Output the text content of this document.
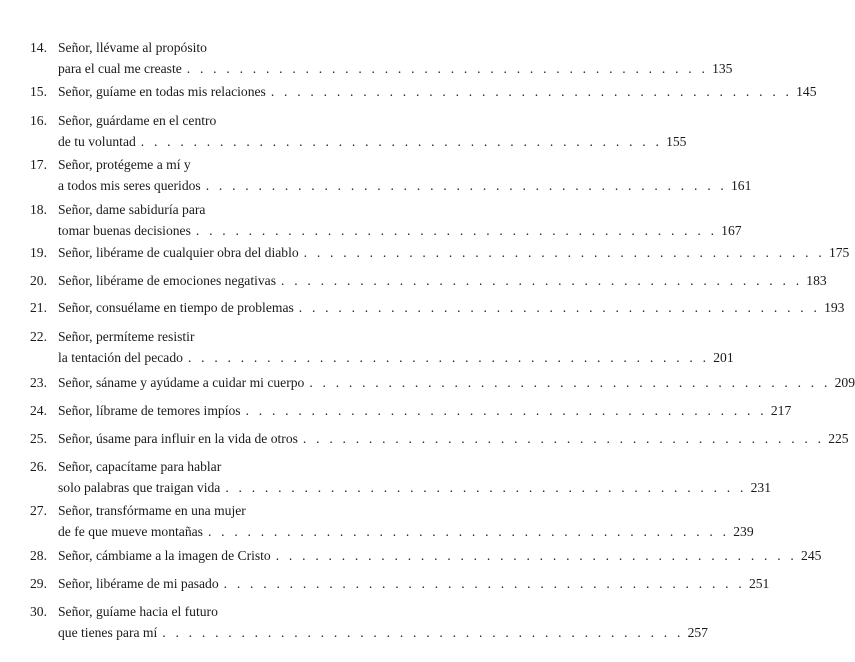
14. Señor, llévame al propósito
para el cual me creaste . . . . . . . . . . . . . . . . . . . . . . . . . . . . . . . . . . . . . . . . 135
15. Señor, guíame en todas mis relaciones . . . . . . . . . . . . . . . . . . . . . . . . . . . . . . . . . . . . . . . . 145
16. Señor, guárdame en el centro
de tu voluntad . . . . . . . . . . . . . . . . . . . . . . . . . . . . . . . . . . . . . . . . 155
17. Señor, protégeme a mí y
a todos mis seres queridos . . . . . . . . . . . . . . . . . . . . . . . . . . . . . . . . . . . . . . . . 161
18. Señor, dame sabiduría para
tomar buenas decisiones . . . . . . . . . . . . . . . . . . . . . . . . . . . . . . . . . . . . . . . . 167
19. Señor, libérame de cualquier obra del diablo . . . . . . . . . . . . . . . . . . . . . . . . . . . . . . . . . . . . . . . . 175
20. Señor, libérame de emociones negativas . . . . . . . . . . . . . . . . . . . . . . . . . . . . . . . . . . . . . . . . 183
21. Señor, consuélame en tiempo de problemas . . . . . . . . . . . . . . . . . . . . . . . . . . . . . . . . . . . . . . . . 193
22. Señor, permíteme resistir
la tentación del pecado . . . . . . . . . . . . . . . . . . . . . . . . . . . . . . . . . . . . . . . . 201
23. Señor, sáname y ayúdame a cuidar mi cuerpo . . . . . . . . . . . . . . . . . . . . . . . . . . . . . . . . . . . . . . . . 209
24. Señor, líbrame de temores impíos . . . . . . . . . . . . . . . . . . . . . . . . . . . . . . . . . . . . . . . . 217
25. Señor, úsame para influir en la vida de otros . . . . . . . . . . . . . . . . . . . . . . . . . . . . . . . . . . . . . . . . 225
26. Señor, capacítame para hablar
solo palabras que traigan vida . . . . . . . . . . . . . . . . . . . . . . . . . . . . . . . . . . . . . . . . 231
27. Señor, transfórmame en una mujer
de fe que mueve montañas . . . . . . . . . . . . . . . . . . . . . . . . . . . . . . . . . . . . . . . . 239
28. Señor, cámbiame a la imagen de Cristo . . . . . . . . . . . . . . . . . . . . . . . . . . . . . . . . . . . . . . . . 245
29. Señor, libérame de mi pasado . . . . . . . . . . . . . . . . . . . . . . . . . . . . . . . . . . . . . . . . 251
30. Señor, guíame hacia el futuro
que tienes para mí . . . . . . . . . . . . . . . . . . . . . . . . . . . . . . . . . . . . . . . . 257
